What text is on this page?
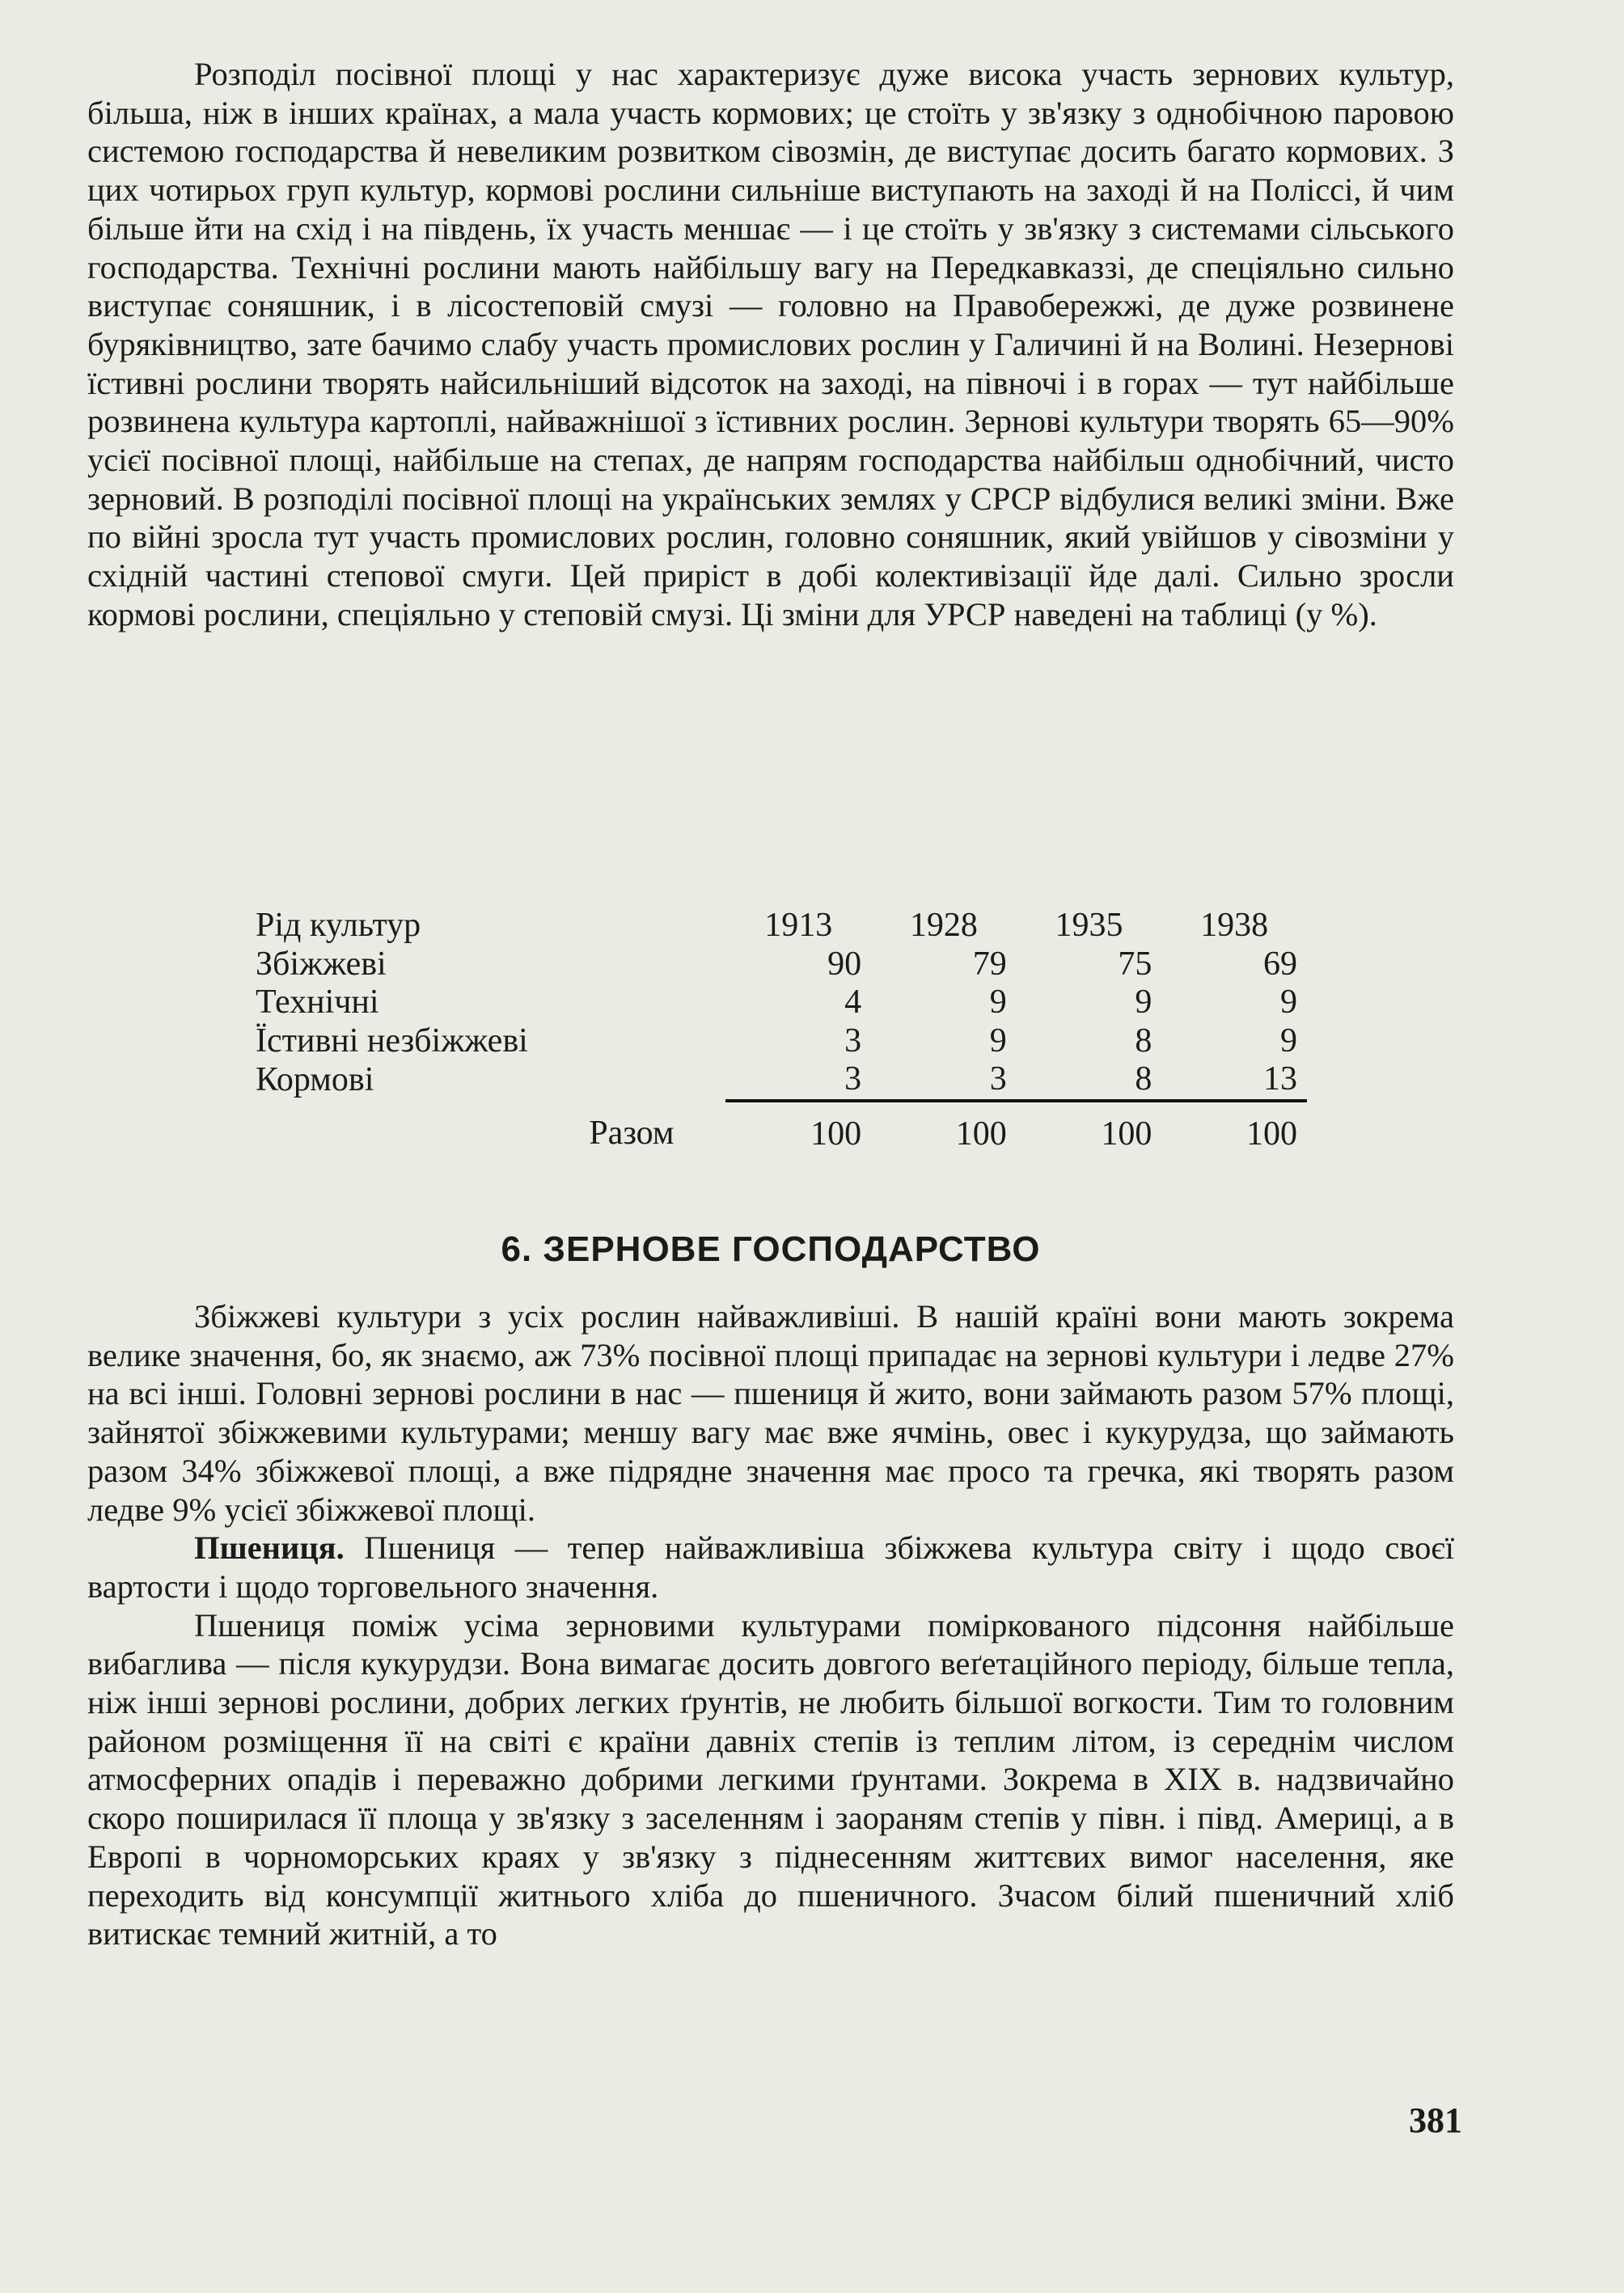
Розподіл посівної площі у нас характеризує дуже висока участь зернових культур, більша, ніж в інших країнах, а мала участь кормових; це стоїть у зв'язку з однобічною паровою системою господарства й невеликим розвитком сівозмін, де виступає досить багато кормових. З цих чотирьох груп культур, кормові рослини сильніше виступають на заході й на Поліссі, й чим більше йти на схід і на південь, їх участь меншає — і це стоїть у зв'язку з системами сільського господарства. Технічні рослини мають найбільшу вагу на Передкавказзі, де спеціяльно сильно виступає соняшник, і в лісостеповій смузі — головно на Правобережжі, де дуже розвинене буряківництво, зате бачимо слабу участь промислових рослин у Галичині й на Волині. Незернові їстивні рослини творять найсильніший відсоток на заході, на півночі і в горах — тут найбільше розвинена культура картоплі, найважнішої з їстивних рослин. Зернові культури творять 65—90% усієї посівної площі, найбільше на степах, де напрям господарства найбільш однобічний, чисто зерновий. В розподілі посівної площі на українських землях у СРСР відбулися великі зміни. Вже по війні зросла тут участь промислових рослин, головно соняшник, який увійшов у сівозміни у східній частині степової смуги. Цей приріст в добі колективізації йде далі. Сильно зросли кормові рослини, спеціяльно у степовій смузі. Ці зміни для УРСР наведені на таблиці (у %).

Рід культур	1913	1928	1935	1938
Збіжжеві	90	79	75	69
Технічні	4	9	9	9
Їстивні незбіжжеві	3	9	8	9
Кормові	3	3	8	13
Разом	100	100	100	100
6. ЗЕРНОВЕ ГОСПОДАРСТВО

Збіжжеві культури з усіх рослин найважливіші. В нашій країні вони мають зокрема велике значення, бо, як знаємо, аж 73% посівної площі припадає на зернові культури і ледве 27% на всі інші. Головні зернові рослини в нас — пшениця й жито, вони займають разом 57% площі, зайнятої збіжжевими культурами; меншу вагу має вже ячмінь, овес і кукурудза, що займають разом 34% збіжжевої площі, а вже підрядне значення має просо та гречка, які творять разом ледве 9% усієї збіжжевої площі.

Пшениця. Пшениця — тепер найважливіша збіжжева культура світу і щодо своєї вартости і щодо торговельного значення.

Пшениця поміж усіма зерновими культурами поміркованого підсоння найбільше вибаглива — після кукурудзи. Вона вимагає досить довгого веґетаційного періоду, більше тепла, ніж інші зернові рослини, добрих легких ґрунтів, не любить більшої вогкости. Тим то головним районом розміщення її на світі є країни давніх степів із теплим літом, із середнім числом атмосферних опадів і переважно добрими легкими ґрунтами. Зокрема в XIX в. надзвичайно скоро поширилася її площа у зв'язку з заселенням і заораням степів у півн. і півд. Америці, а в Европі в чорноморських краях у зв'язку з піднесенням життєвих вимог населення, яке переходить від консумпції житнього хліба до пшеничного. Зчасом білий пшеничний хліб витискає темний житній, а то

381
